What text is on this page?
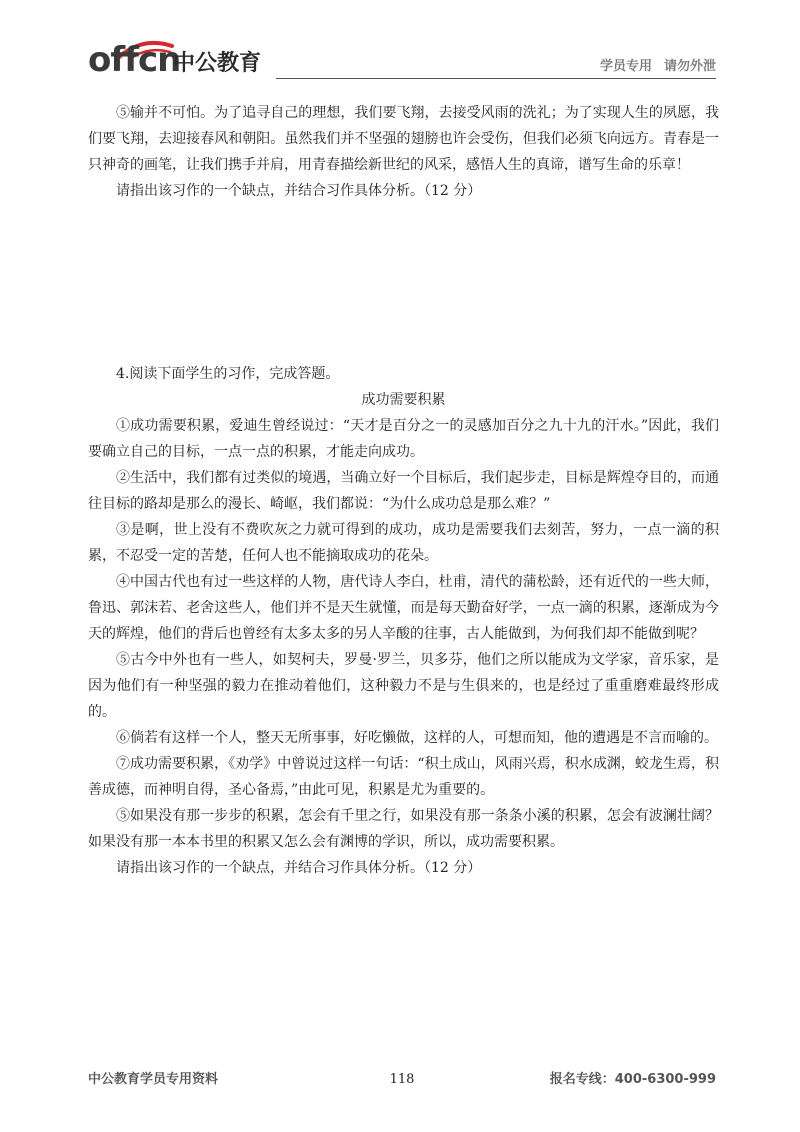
offcn
中公教育	学员专用 请勿外泄

⑤输并不可怕。为了追寻自己的理想，我们要飞翔，去接受风雨的洗礼；为了实现人生的夙愿，我们要飞翔，去迎接春风和朝阳。虽然我们并不坚强的翅膀也许会受伤，但我们必须飞向远方。青春是一只神奇的画笔，让我们携手并肩，用青春描绘新世纪的风采，感悟人生的真谛，谱写生命的乐章！

请指出该习作的一个缺点，并结合习作具体分析。（12 分）

4.阅读下面学生的习作，完成答题。

成功需要积累

①成功需要积累，爱迪生曾经说过：“天才是百分之一的灵感加百分之九十九的汗水。”因此，我们要确立自己的目标，一点一点的积累，才能走向成功。

②生活中，我们都有过类似的境遇，当确立好一个目标后，我们起步走，目标是辉煌夺目的，而通往目标的路却是那么的漫长、崎岖，我们都说：“为什么成功总是那么难？”

③是啊，世上没有不费吹灰之力就可得到的成功，成功是需要我们去刻苦，努力，一点一滴的积累，不忍受一定的苦楚，任何人也不能摘取成功的花朵。

④中国古代也有过一些这样的人物，唐代诗人李白，杜甫，清代的蒲松龄，还有近代的一些大师，鲁迅、郭沫若、老舍这些人，他们并不是天生就懂，而是每天勤奋好学，一点一滴的积累，逐渐成为今天的辉煌，他们的背后也曾经有太多太多的另人辛酸的往事，古人能做到，为何我们却不能做到呢？

⑤古今中外也有一些人，如契柯夫，罗曼·罗兰，贝多芬，他们之所以能成为文学家，音乐家，是因为他们有一种坚强的毅力在推动着他们，这种毅力不是与生俱来的，也是经过了重重磨难最终形成的。

⑥倘若有这样一个人，整天无所事事，好吃懒做，这样的人，可想而知，他的遭遇是不言而喻的。

⑦成功需要积累，《劝学》中曾说过这样一句话：“积土成山，风雨兴焉，积水成渊，蛟龙生焉，积善成德，而神明自得，圣心备焉，”由此可见，积累是尤为重要的。

⑤如果没有那一步步的积累，怎会有千里之行，如果没有那一条条小溪的积累，怎会有波澜壮阔？如果没有那一本本书里的积累又怎么会有渊博的学识，所以，成功需要积累。

请指出该习作的一个缺点，并结合习作具体分析。（12 分）

中公教育学员专用资料	118	报名专线：400-6300-999
